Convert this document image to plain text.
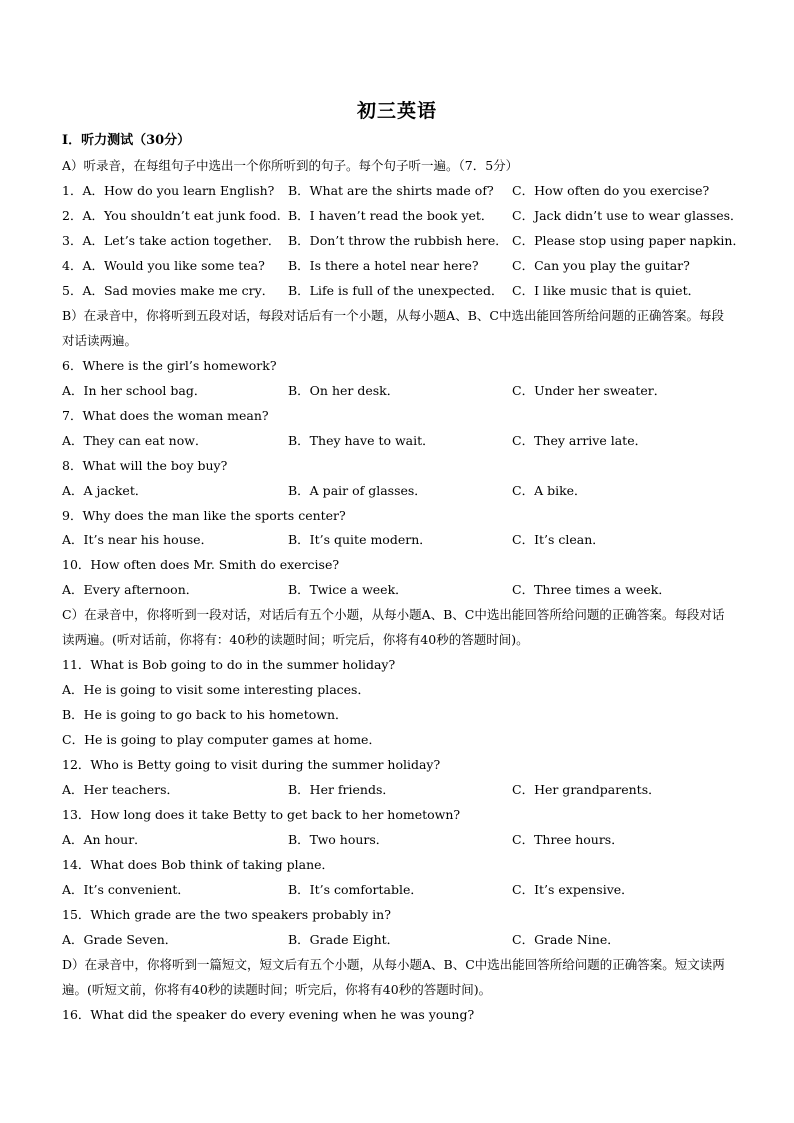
初三英语
Ⅰ．听力测试（30分）
A）听录音，在每组句子中选出一个你所听到的句子。每个句子听一遍。（7．5分）
1．A．How do you learn English? B．What are the shirts made of? C．How often do you exercise?
2．A．You shouldn’t eat junk food. B．I haven’t read the book yet． C．Jack didn’t use to wear glasses．
3．A．Let’s take action together． B．Don’t throw the rubbish here． C．Please stop using paper napkin．
4．A．Would you like some tea? B．Is there a hotel near here?	C．Can you play the guitar?
5．A．Sad movies make me cry． B．Life is full of the unexpected． C．I like music that is quiet．
B）在录音中，你将听到五段对话，每段对话后有一个小题，从每小题A、B、C中选出能回答所给问题的正确答案。每段对话读两遍。
6．Where is the girl’s homework?
A．In her school bag．	B．On her desk．	C．Under her sweater．
7．What does the woman mean?
A．They can eat now．	B．They have to wait．	C．They arrive late．
8．What will the boy buy?
A．A jacket．	B．A pair of glasses．	C．A bike．
9．Why does the man like the sports center?
A．It’s near his house．	B．It’s quite modern．	C．It’s clean．
10．How often does Mr. Smith do exercise?
A．Every afternoon．	B．Twice a week．	C．Three times a week．
C）在录音中，你将听到一段对话，对话后有五个小题，从每小题A、B、C中选出能回答所给问题的正确答案。每段对话读两遍。(听对话前，你将有：40秒的读题时间；听完后，你将有40秒的答题时间)。
11．What is Bob going to do in the summer holiday?
A．He is going to visit some interesting places．
B．He is going to go back to his hometown．
C．He is going to play computer games at home．
12．Who is Betty going to visit during the summer holiday?
A．Her teachers．	B．Her friends．	C．Her grandparents．
13．How long does it take Betty to get back to her hometown?
A．An hour．	B．Two hours．	C．Three hours．
14．What does Bob think of taking plane．
A．It’s convenient．	B．It’s comfortable．	C．It’s expensive．
15．Which grade are the two speakers probably in?
A．Grade Seven．	B．Grade Eight．	C．Grade Nine．
D）在录音中，你将听到一篇短文，短文后有五个小题，从每小题A、B、C中选出能回答所给问题的正确答案。短文读两遍。(听短文前，你将有40秒的读题时间；听完后，你将有40秒的答题时间)。
16．What did the speaker do every evening when he was young?
